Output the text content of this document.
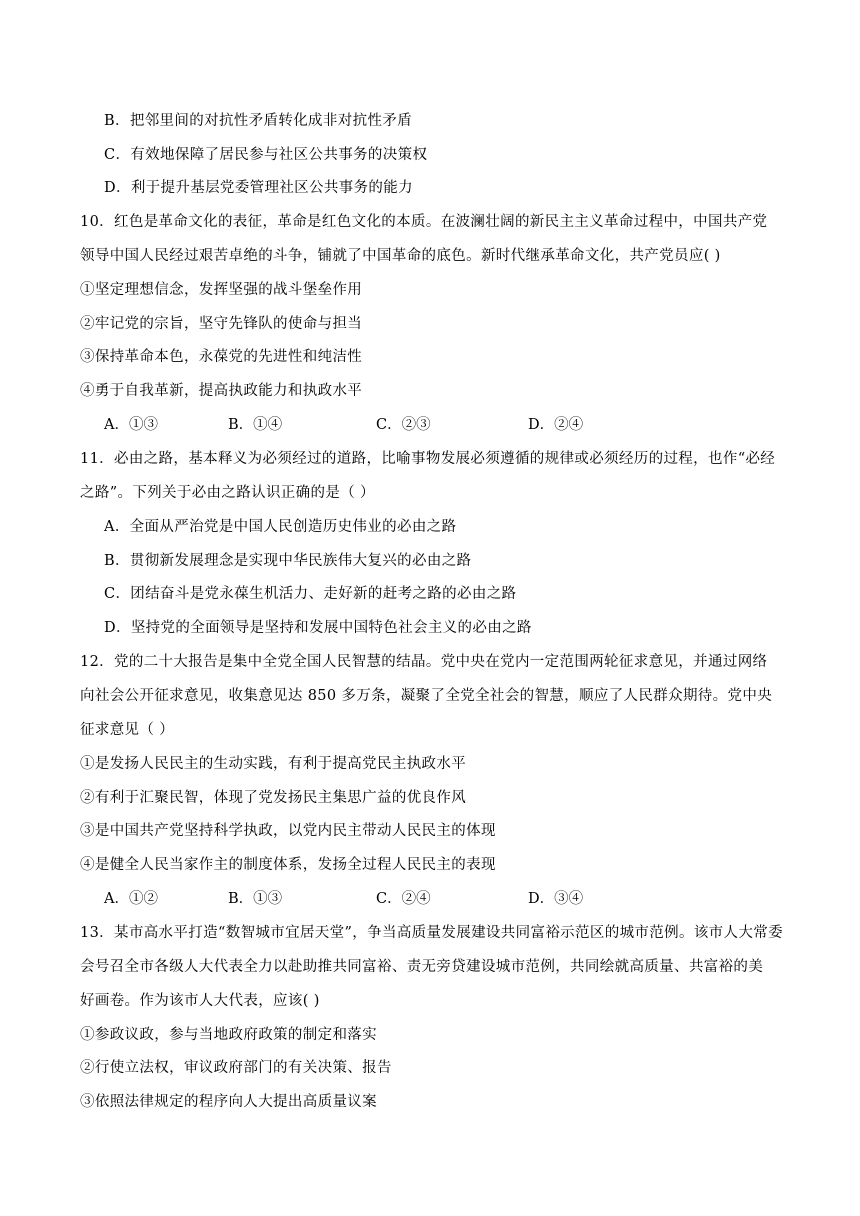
B．把邻里间的对抗性矛盾转化成非对抗性矛盾
C．有效地保障了居民参与社区公共事务的决策权
D．利于提升基层党委管理社区公共事务的能力
10．红色是革命文化的表征，革命是红色文化的本质。在波澜壮阔的新民主主义革命过程中，中国共产党
领导中国人民经过艰苦卓绝的斗争，铺就了中国革命的底色。新时代继承革命文化，共产党员应( )
①坚定理想信念，发挥坚强的战斗堡垒作用
②牢记党的宗旨，坚守先锋队的使命与担当
③保持革命本色，永葆党的先进性和纯洁性
④勇于自我革新，提高执政能力和执政水平
A．①③	B．①④	C．②③	D．②④
11．必由之路，基本释义为必须经过的道路，比喻事物发展必须遵循的规律或必须经历的过程，也作“必经
之路”。下列关于必由之路认识正确的是（ ）
A．全面从严治党是中国人民创造历史伟业的必由之路
B．贯彻新发展理念是实现中华民族伟大复兴的必由之路
C．团结奋斗是党永葆生机活力、走好新的赶考之路的必由之路
D．坚持党的全面领导是坚持和发展中国特色社会主义的必由之路
12．党的二十大报告是集中全党全国人民智慧的结晶。党中央在党内一定范围两轮征求意见，并通过网络
向社会公开征求意见，收集意见达 850 多万条，凝聚了全党全社会的智慧，顺应了人民群众期待。党中央
征求意见（ ）
①是发扬人民民主的生动实践，有利于提高党民主执政水平
②有利于汇聚民智，体现了党发扬民主集思广益的优良作风
③是中国共产党坚持科学执政，以党内民主带动人民民主的体现
④是健全人民当家作主的制度体系，发扬全过程人民民主的表现
A．①②	B．①③	C．②④	D．③④
13．某市高水平打造“数智城市宜居天堂”，争当高质量发展建设共同富裕示范区的城市范例。该市人大常委
会号召全市各级人大代表全力以赴助推共同富裕、责无旁贷建设城市范例，共同绘就高质量、共富裕的美
好画卷。作为该市人大代表，应该( )
①参政议政，参与当地政府政策的制定和落实
②行使立法权，审议政府部门的有关决策、报告
③依照法律规定的程序向人大提出高质量议案
